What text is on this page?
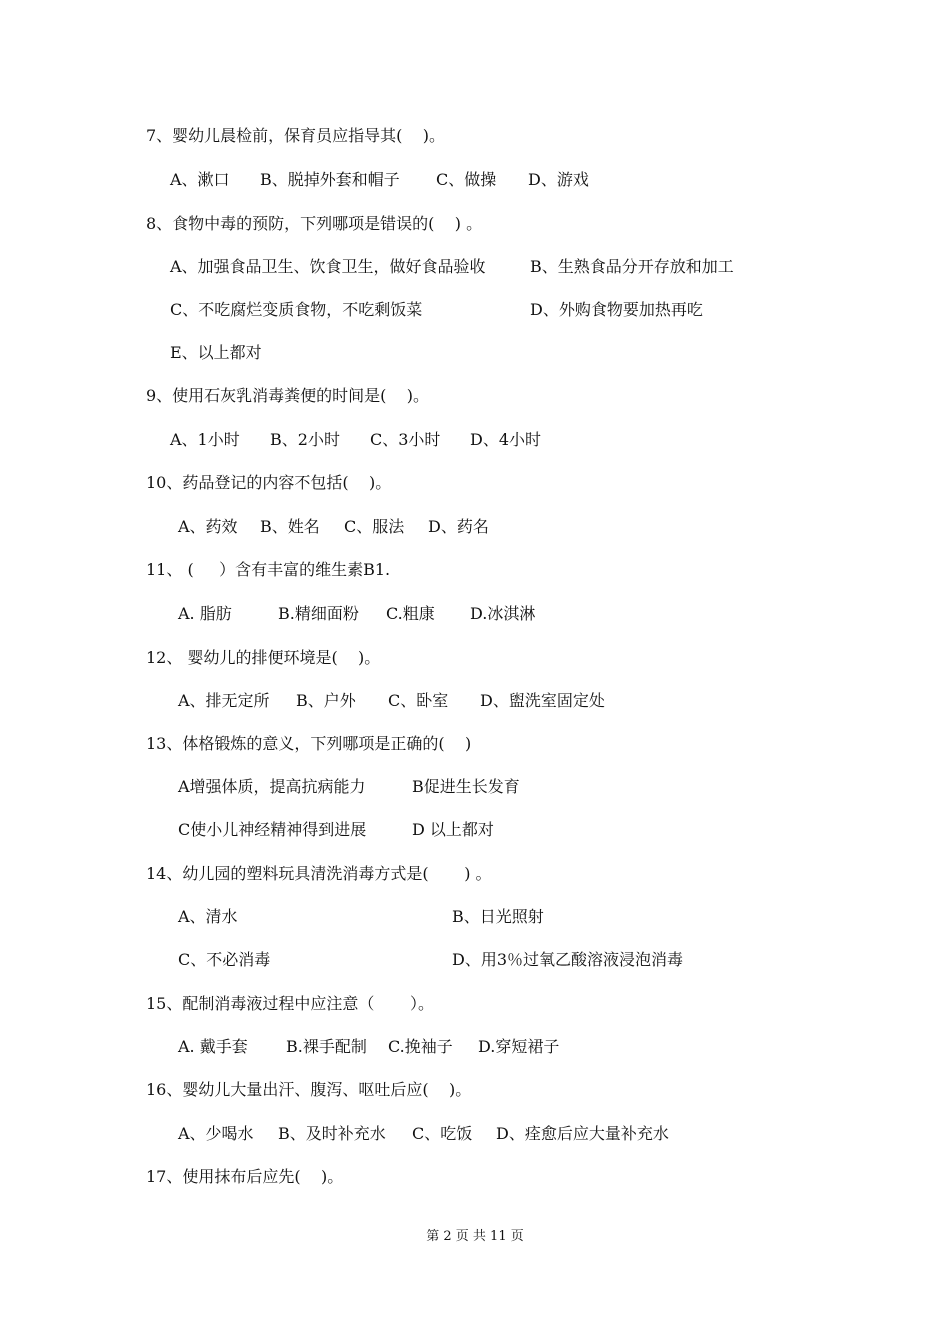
7、婴幼儿晨检前，保育员应指导其(    )。
A、漱口 B、脱掉外套和帽子 C、做操 D、游戏
8、食物中毒的预防，下列哪项是错误的(    ) 。
A、加强食品卫生、饮食卫生，做好食品验收	B、生熟食品分开存放和加工
C、不吃腐烂变质食物，不吃剩饭菜	D、外购食物要加热再吃
E、以上都对
9、使用石灰乳消毒粪便的时间是(    )。
A、1小时 B、2小时 C、3小时 D、4小时
10、药品登记的内容不包括(    )。
A、药效 B、姓名 C、服法 D、药名
11、 (     ）含有丰富的维生素B1.
A. 脂肪	B.精细面粉 C.粗康 D.冰淇淋
12、 婴幼儿的排便环境是(    )。
A、排无定所 B、户外 C、卧室 D、盥洗室固定处
13、体格锻炼的意义，下列哪项是正确的(    )
A增强体质，提高抗病能力	B促进生长发育
C使小儿神经精神得到进展	D 以上都对
14、幼儿园的塑料玩具清洗消毒方式是(       ) 。
A、清水	B、日光照射
C、不必消毒	D、用3％过氧乙酸溶液浸泡消毒
15、配制消毒液过程中应注意（       ）。
A. 戴手套 B.裸手配制 C.挽袖子 D.穿短裙子
16、婴幼儿大量出汗、腹泻、呕吐后应(    )。
A、少喝水 B、及时补充水 C、吃饭 D、痊愈后应大量补充水
17、使用抹布后应先(    )。
第 2 页 共 11 页
